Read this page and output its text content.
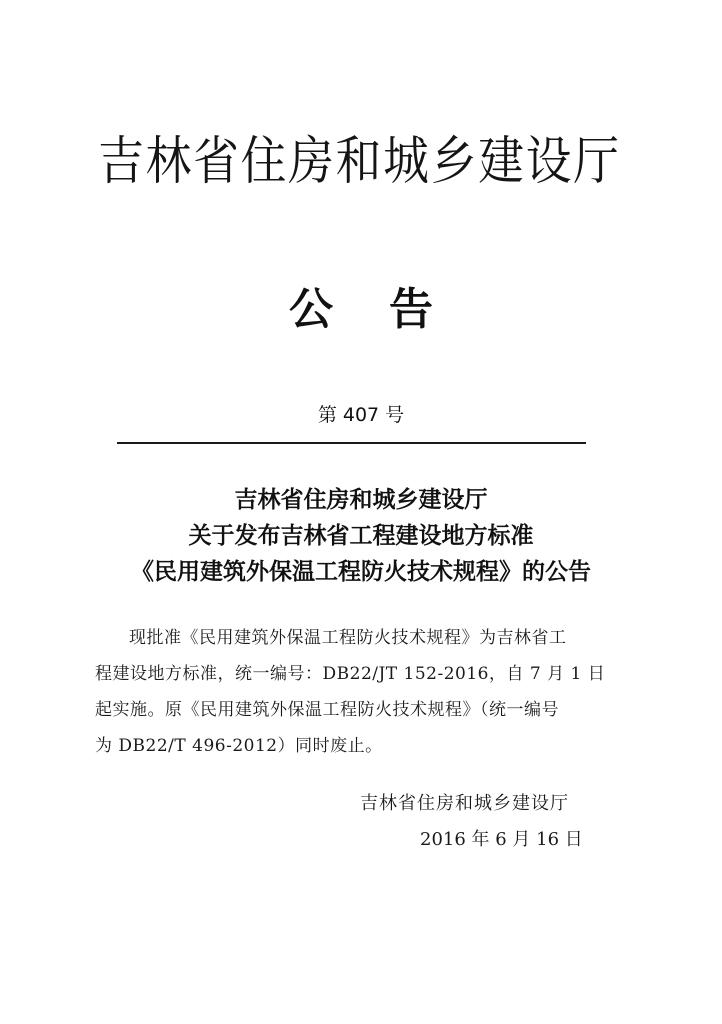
吉林省住房和城乡建设厅
公 告
第 407 号
吉林省住房和城乡建设厅
关于发布吉林省工程建设地方标准
《民用建筑外保温工程防火技术规程》的公告
现批准《民用建筑外保温工程防火技术规程》为吉林省工
程建设地方标准，统一编号：DB22/JT 152-2016，自 7 月 1 日
起实施。原《民用建筑外保温工程防火技术规程》（统一编号
为 DB22/T 496-2012）同时废止。
吉林省住房和城乡建设厅
2016 年 6 月 16 日
